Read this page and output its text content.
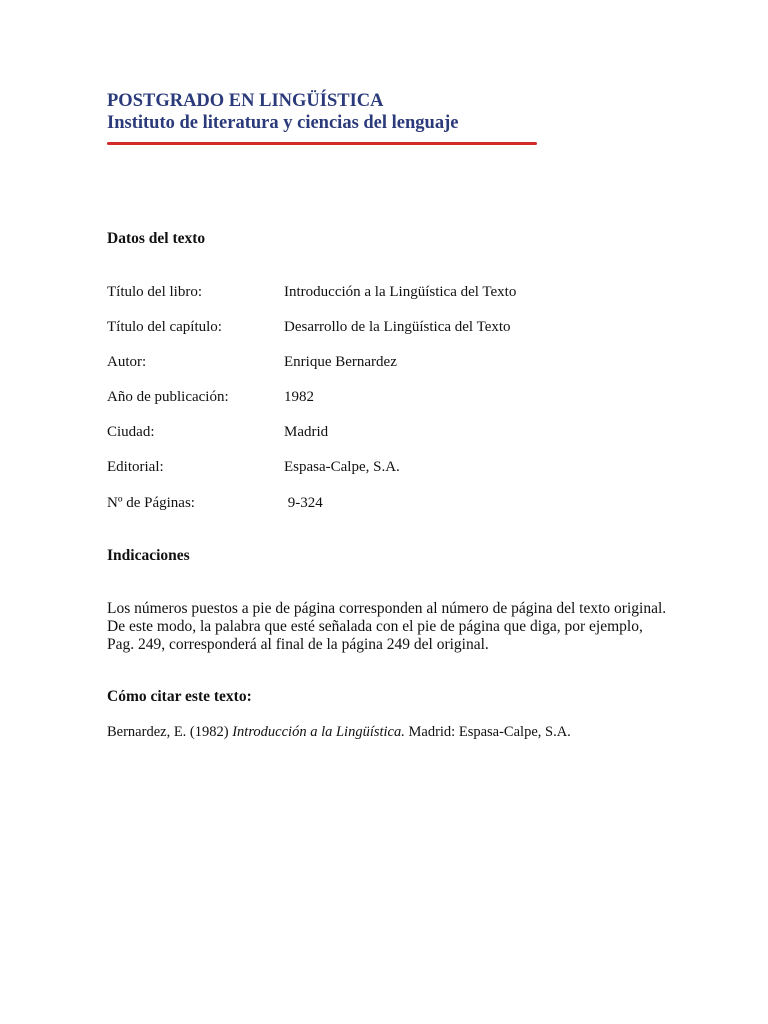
POSTGRADO EN LINGÜÍSTICA
Instituto de literatura y ciencias del lenguaje
Datos del texto
Título del libro:	Introducción a la Lingüística del Texto
Título del capítulo:	Desarrollo de la Lingüística del Texto
Autor:	Enrique Bernardez
Año de publicación:	1982
Ciudad:	Madrid
Editorial:	Espasa-Calpe, S.A.
Nº de Páginas:	9-324
Indicaciones
Los números puestos a pie de página corresponden al número de página del texto original. De este modo, la palabra que esté señalada con el pie de página que diga, por ejemplo, Pag. 249, corresponderá al final de la página 249 del original.
Cómo citar este texto:
Bernardez, E. (1982) Introducción a la Lingüística. Madrid: Espasa-Calpe, S.A.
